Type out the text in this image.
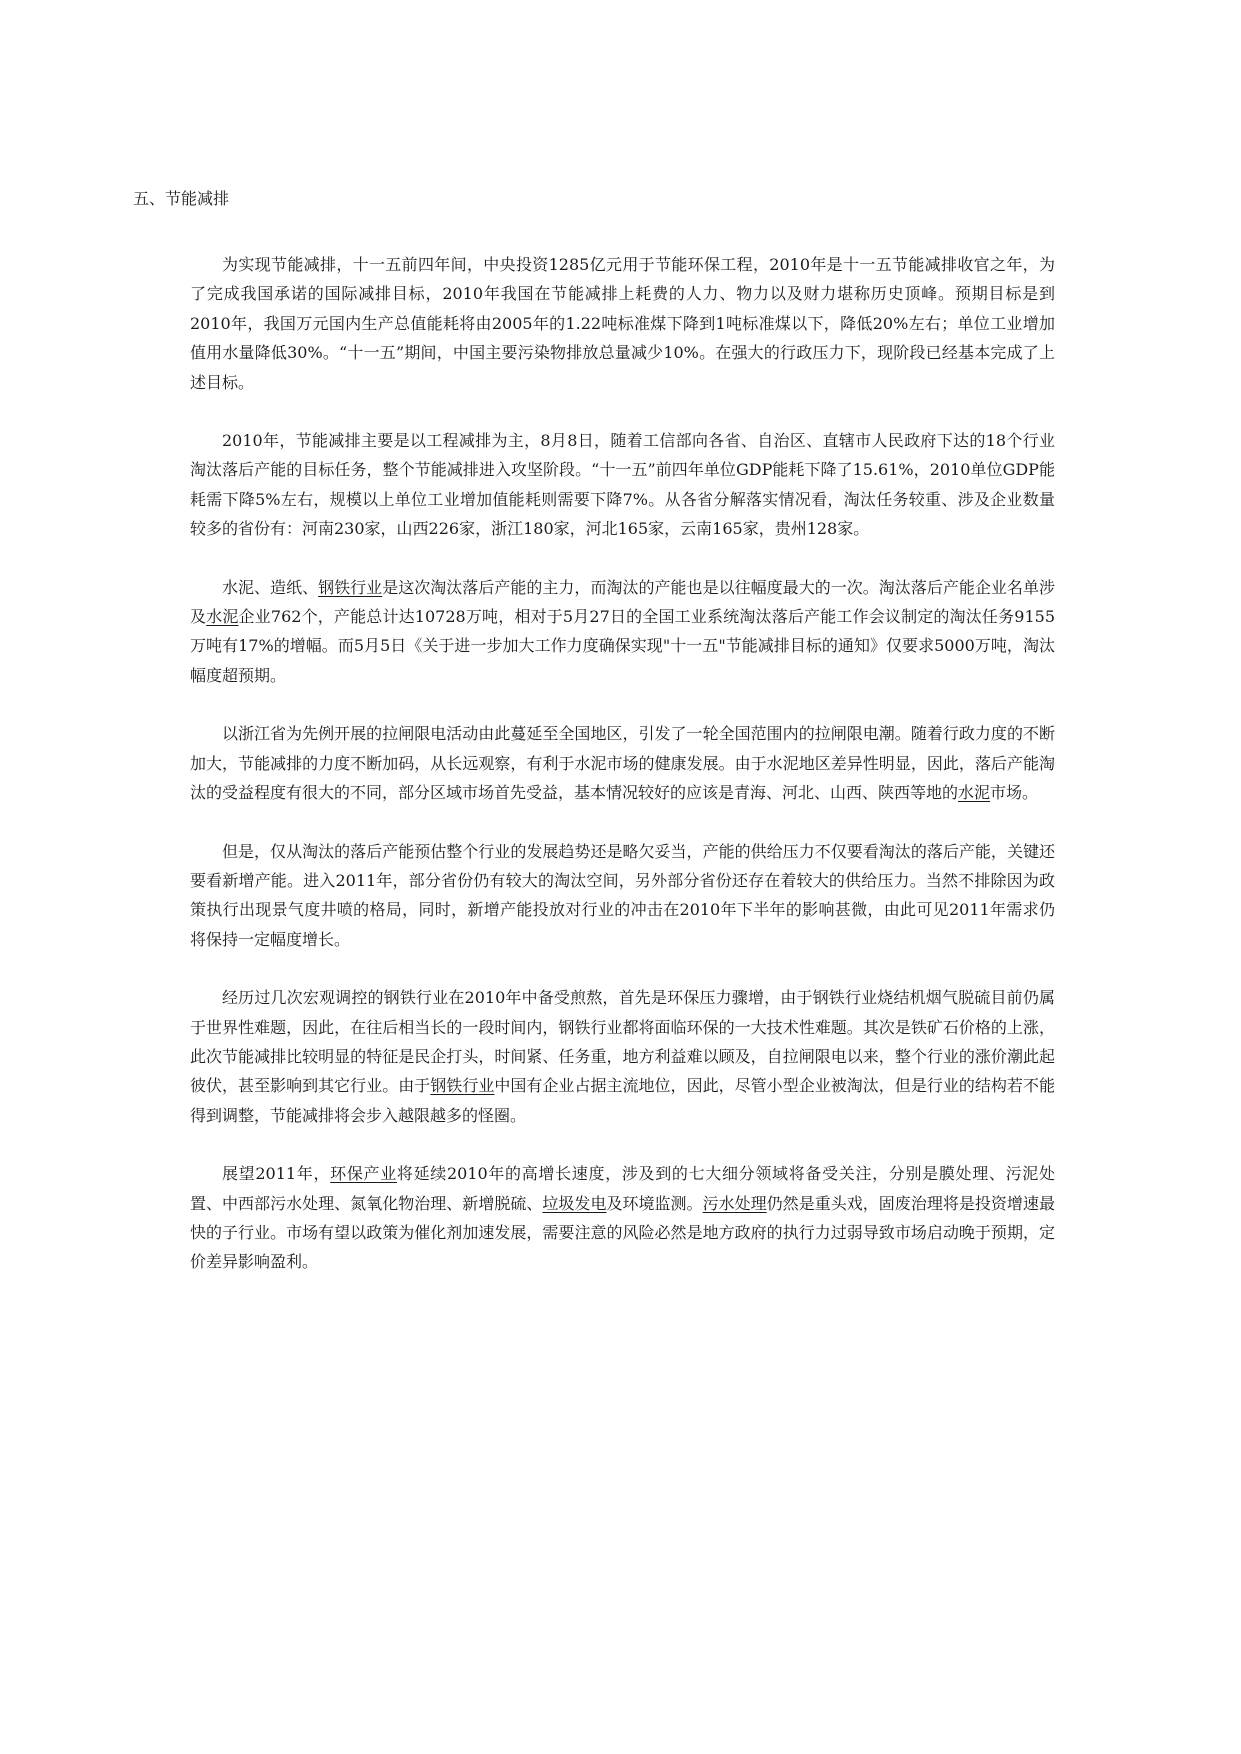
五、节能减排

为实现节能减排，十一五前四年间，中央投资1285亿元用于节能环保工程，2010年是十一五节能减排收官之年，为了完成我国承诺的国际减排目标，2010年我国在节能减排上耗费的人力、物力以及财力堪称历史顶峰。预期目标是到2010年，我国万元国内生产总值能耗将由2005年的1.22吨标准煤下降到1吨标准煤以下，降低20%左右；单位工业增加值用水量降低30%。“十一五”期间，中国主要污染物排放总量减少10%。在强大的行政压力下，现阶段已经基本完成了上述目标。

2010年，节能减排主要是以工程减排为主，8月8日，随着工信部向各省、自治区、直辖市人民政府下达的18个行业淘汰落后产能的目标任务，整个节能减排进入攻坚阶段。“十一五”前四年单位GDP能耗下降了15.61%，2010单位GDP能耗需下降5%左右，规模以上单位工业增加值能耗则需要下降7%。从各省分解落实情况看，淘汰任务较重、涉及企业数量较多的省份有：河南230家，山西226家，浙江180家，河北165家，云南165家，贵州128家。

水泥、造纸、钢铁行业是这次淘汰落后产能的主力，而淘汰的产能也是以往幅度最大的一次。淘汰落后产能企业名单涉及水泥企业762个，产能总计达10728万吨，相对于5月27日的全国工业系统淘汰落后产能工作会议制定的淘汰任务9155万吨有17%的增幅。而5月5日《关于进一步加大工作力度确保实现"十一五"节能减排目标的通知》仅要求5000万吨，淘汰幅度超预期。

以浙江省为先例开展的拉闸限电活动由此蔓延至全国地区，引发了一轮全国范围内的拉闸限电潮。随着行政力度的不断加大，节能减排的力度不断加码，从长远观察，有利于水泥市场的健康发展。由于水泥地区差异性明显，因此，落后产能淘汰的受益程度有很大的不同，部分区域市场首先受益，基本情况较好的应该是青海、河北、山西、陕西等地的水泥市场。

但是，仅从淘汰的落后产能预估整个行业的发展趋势还是略欠妥当，产能的供给压力不仅要看淘汰的落后产能，关键还要看新增产能。进入2011年，部分省份仍有较大的淘汰空间，另外部分省份还存在着较大的供给压力。当然不排除因为政策执行出现景气度井喷的格局，同时，新增产能投放对行业的冲击在2010年下半年的影响甚微，由此可见2011年需求仍将保持一定幅度增长。

经历过几次宏观调控的钢铁行业在2010年中备受煎熬，首先是环保压力骤增，由于钢铁行业烧结机烟气脱硫目前仍属于世界性难题，因此，在往后相当长的一段时间内，钢铁行业都将面临环保的一大技术性难题。其次是铁矿石价格的上涨，此次节能减排比较明显的特征是民企打头，时间紧、任务重，地方利益难以顾及，自拉闸限电以来，整个行业的涨价潮此起彼伏，甚至影响到其它行业。由于钢铁行业中国有企业占据主流地位，因此，尽管小型企业被淘汰，但是行业的结构若不能得到调整，节能减排将会步入越限越多的怪圈。

展望2011年，环保产业将延续2010年的高增长速度，涉及到的七大细分领域将备受关注，分别是膜处理、污泥处置、中西部污水处理、氮氧化物治理、新增脱硫、垃圾发电及环境监测。污水处理仍然是重头戏，固废治理将是投资增速最快的子行业。市场有望以政策为催化剂加速发展，需要注意的风险必然是地方政府的执行力过弱导致市场启动晚于预期，定价差异影响盈利。
